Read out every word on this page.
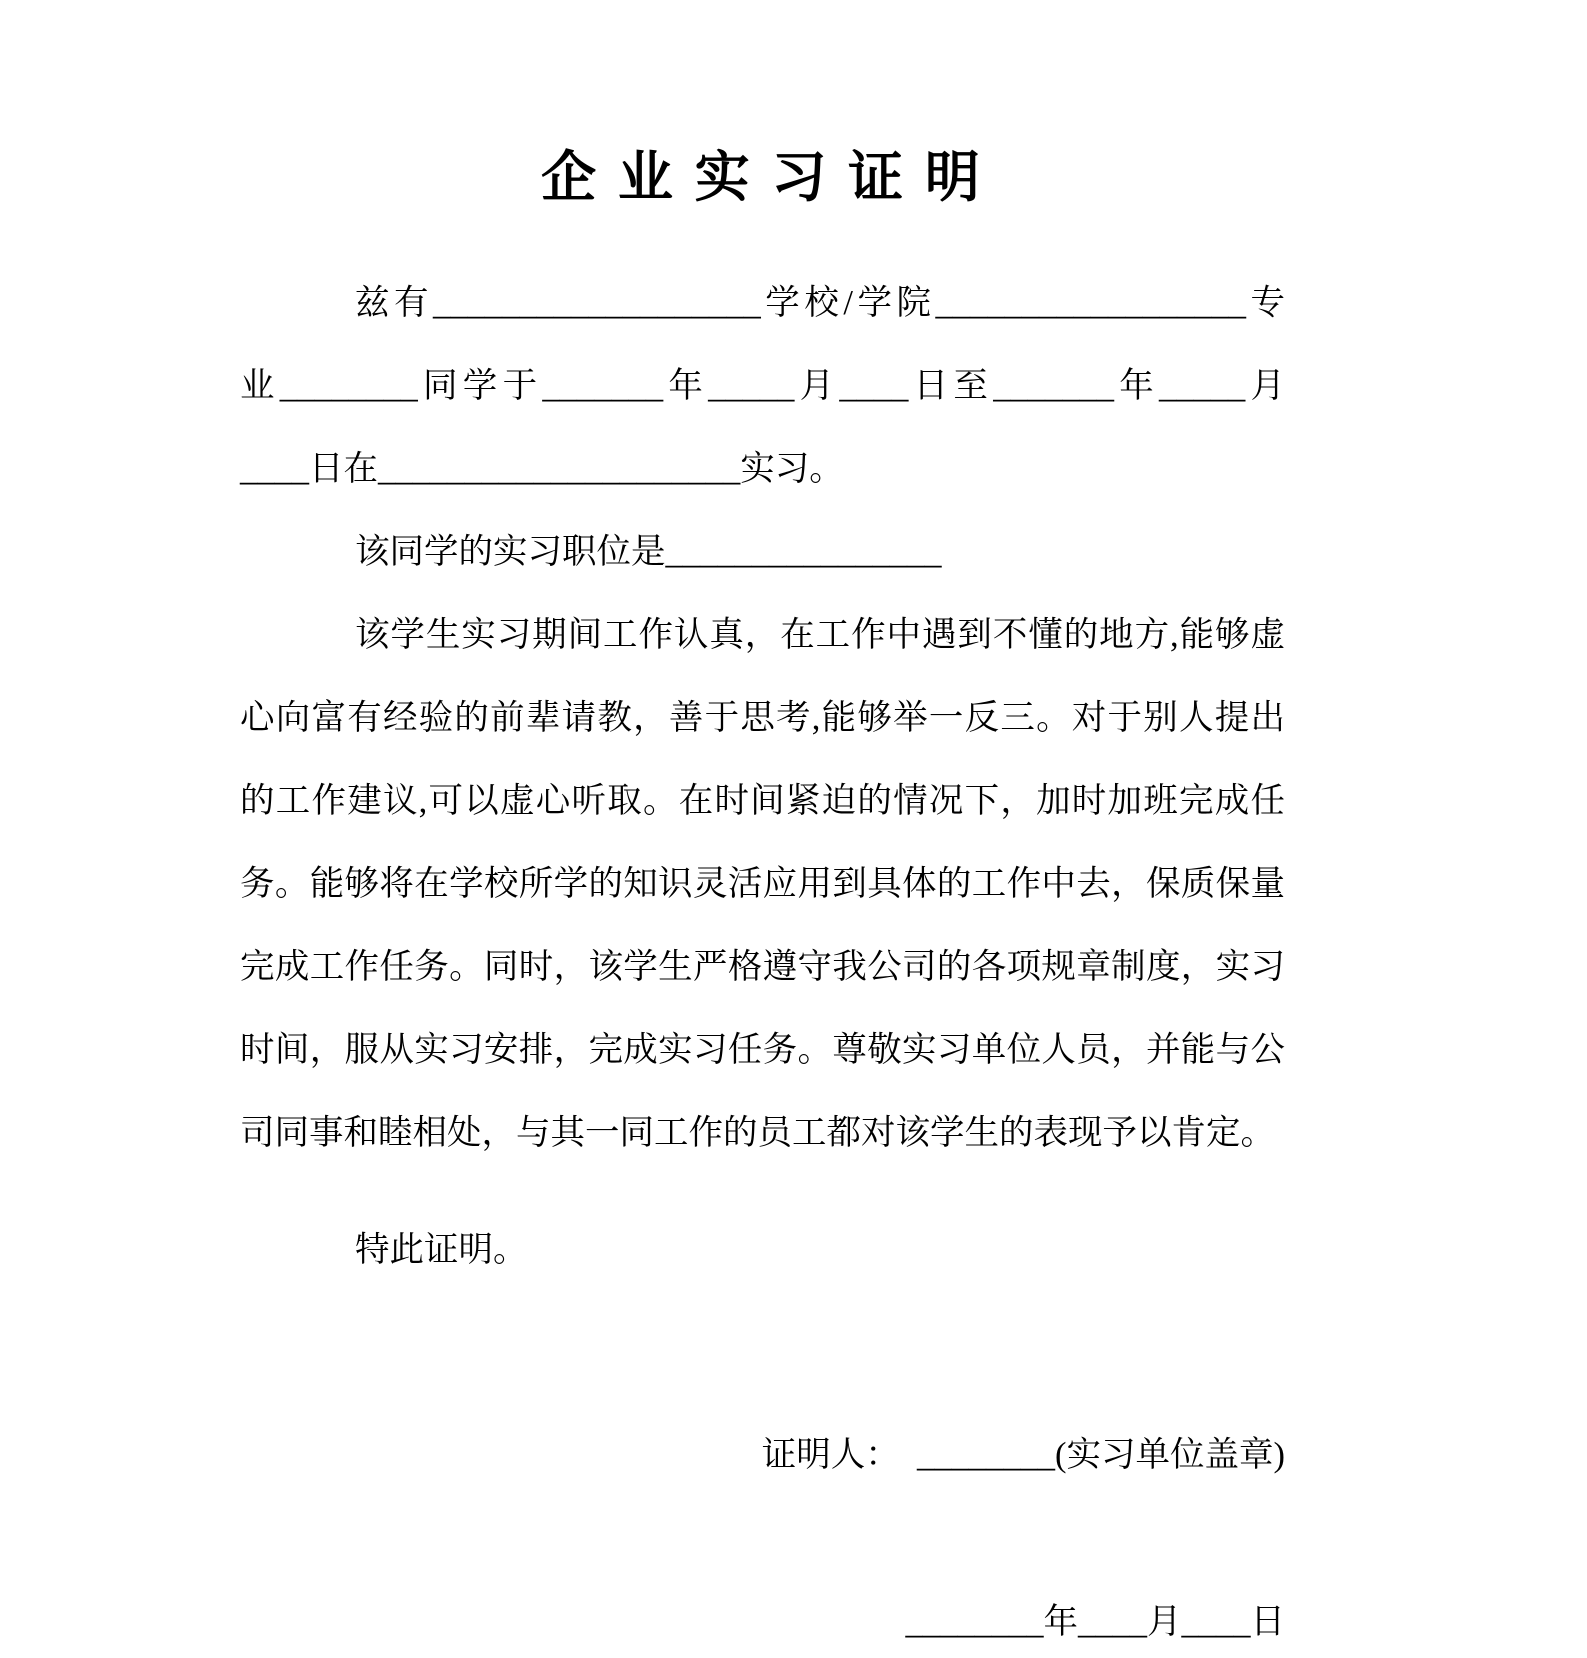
企 业 实 习 证 明
兹有___________________学校/学院__________________专
业________同学于_______年_____月____日至_______年_____月
____日在_____________________实习。
该同学的实习职位是________________
该学生实习期间工作认真，在工作中遇到不懂的地方,能够虚
心向富有经验的前辈请教，善于思考,能够举一反三。对于别人提出
的工作建议,可以虚心听取。在时间紧迫的情况下，加时加班完成任
务。能够将在学校所学的知识灵活应用到具体的工作中去，保质保量
完成工作任务。同时，该学生严格遵守我公司的各项规章制度，实习
时间，服从实习安排，完成实习任务。尊敬实习单位人员，并能与公
司同事和睦相处，与其一同工作的员工都对该学生的表现予以肯定。
特此证明。
证明人：　________(实习单位盖章)
________年____月____日
